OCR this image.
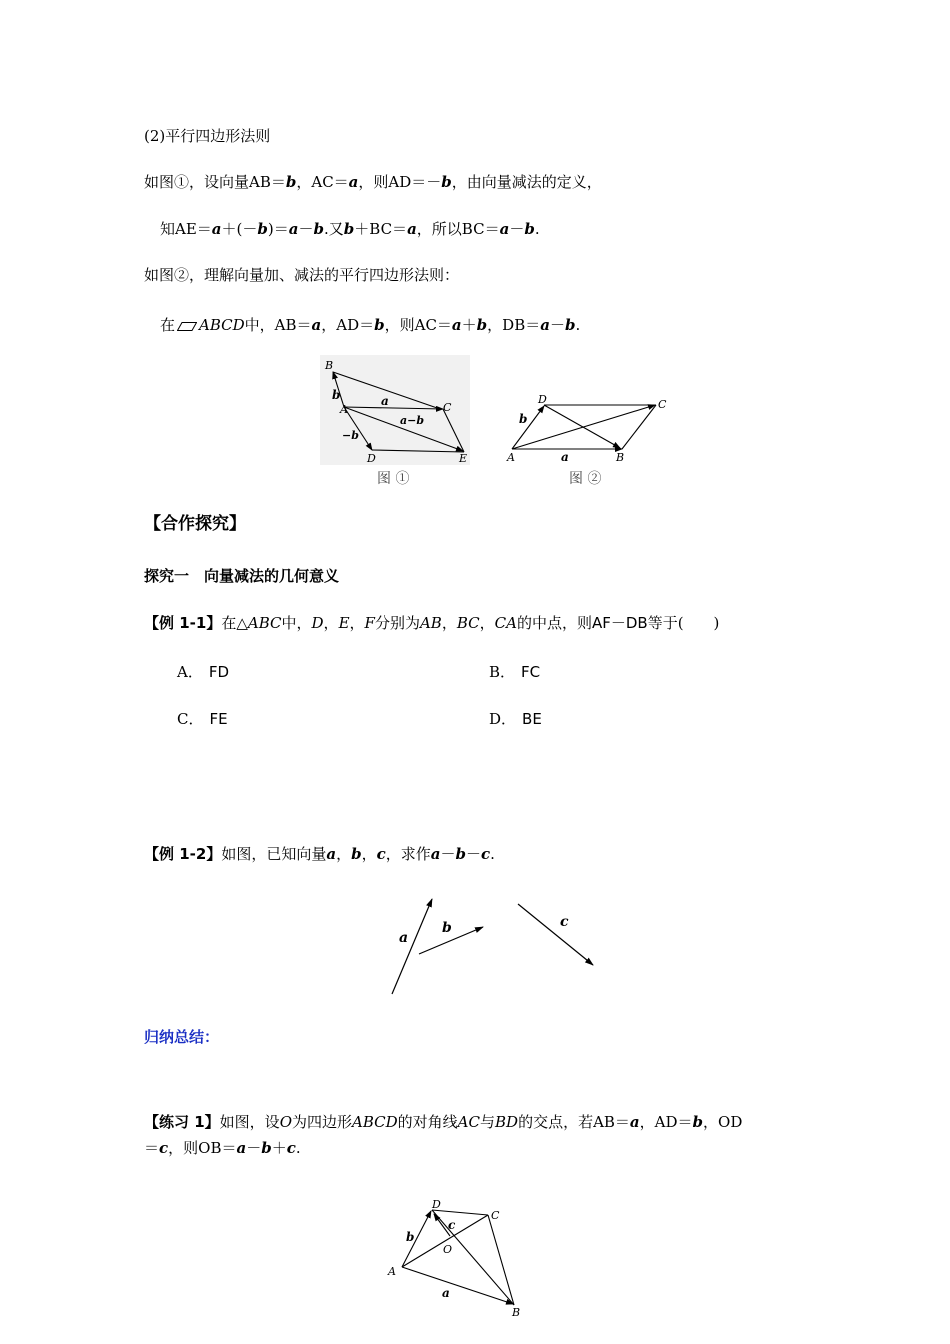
(2)平行四边形法则
如图①，设向量AB＝b，AC＝a，则AD＝－b，由向量减法的定义，
知AE＝a＋(－b)＝a－b.又b＋BC＝a，所以BC＝a－b.
如图②，理解向量加、减法的平行四边形法则：
在 ABCD中，AB＝a，AD＝b，则AC＝a＋b，DB＝a－b.
B
A	C
D	E
b	a
a−b
−b
图 ①
D	C
A	B
b
a
图 ②
【合作探究】
探究一　向量减法的几何意义
【例 1-1】在△ABC中，D，E，F分别为AB，BC，CA的中点，则AF－DB等于(　　)
A． FD	B． FC
C． FE	D． BE
【例 1-2】如图，已知向量a，b，c，求作a－b－c.
a
b	c
归纳总结：
【练习 1】如图，设O为四边形ABCD的对角线AC与BD的交点，若AB＝a，AD＝b，OD
＝c，则OB＝a－b＋c.
A
D
C
B
O
b
c
a
